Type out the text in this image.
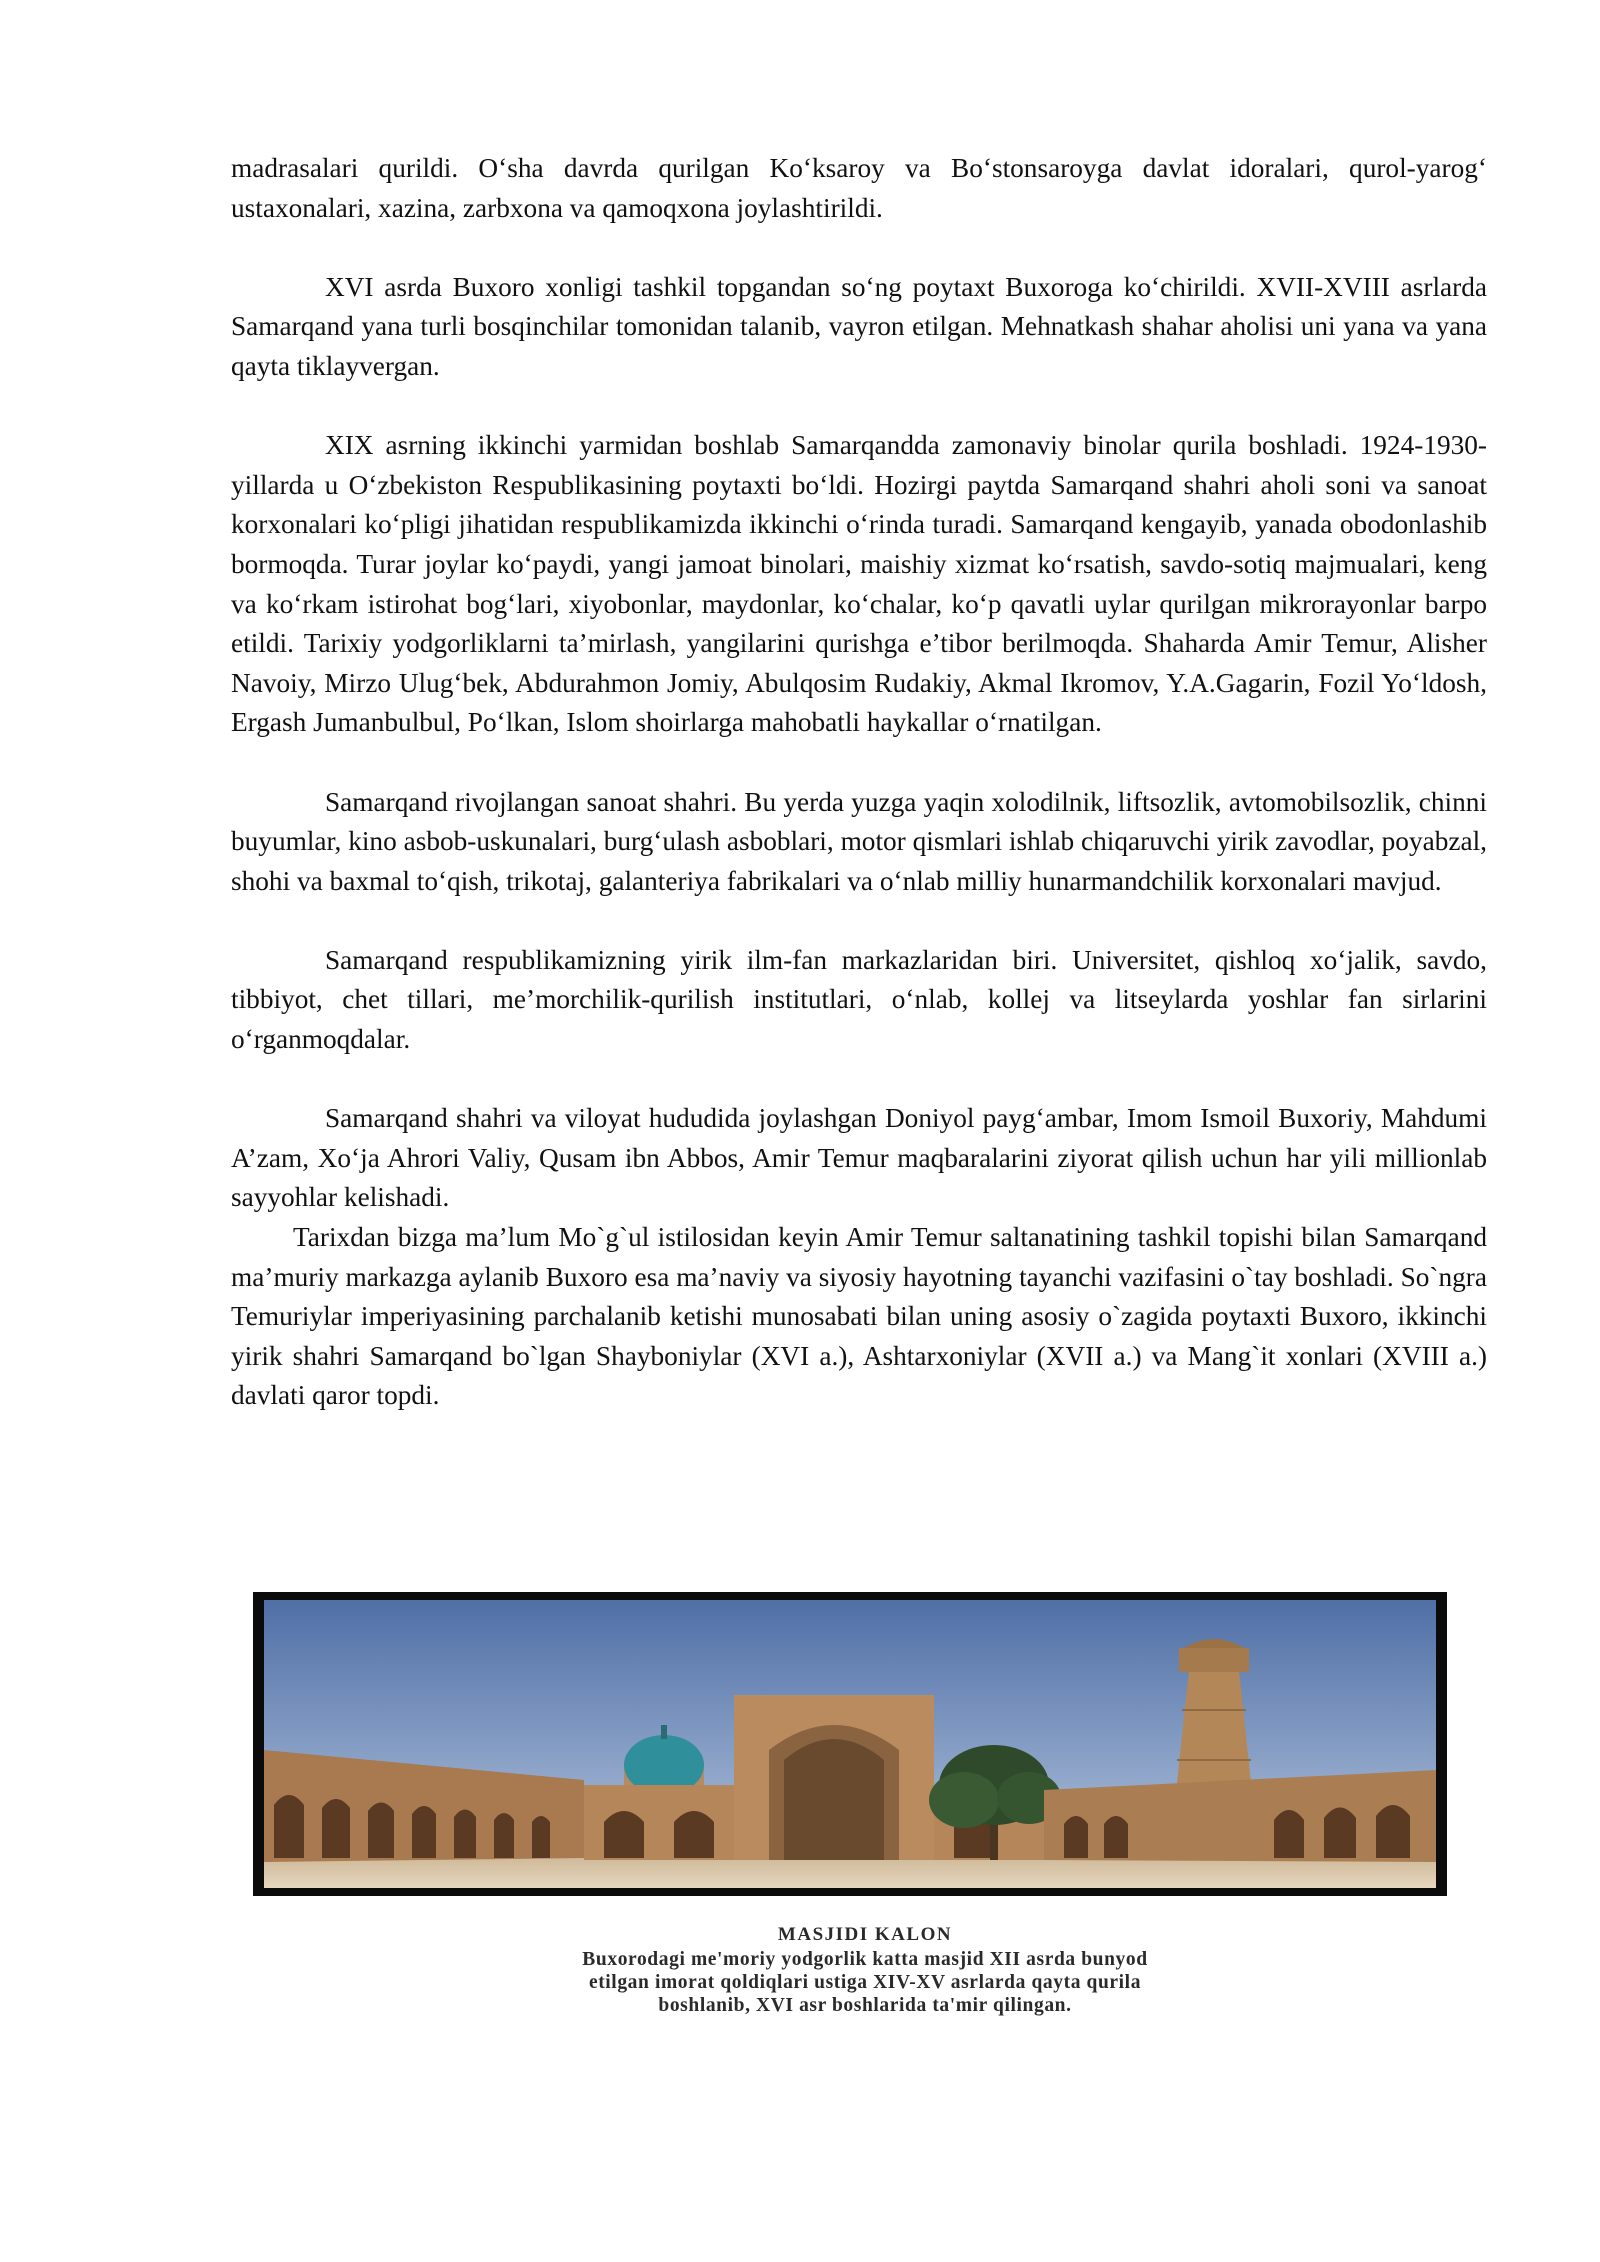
madrasalari qurildi. O‘sha davrda qurilgan Ko‘ksaroy va Bo‘stonsaroyga davlat idoralari, qurol-yarog‘ ustaxonalari, xazina, zarbxona va qamoqxona joylashtirildi.

XVI asrda Buxoro xonligi tashkil topgandan so‘ng poytaxt Buxoroga ko‘chirildi. XVII-XVIII asrlarda Samarqand yana turli bosqinchilar tomonidan talanib, vayron etilgan. Mehnatkash shahar aholisi uni yana va yana qayta tiklayvergan.

XIX asrning ikkinchi yarmidan boshlab Samarqandda zamonaviy binolar qurila boshladi. 1924-1930-yillarda u O‘zbekiston Respublikasining poytaxti bo‘ldi. Hozirgi paytda Samarqand shahri aholi soni va sanoat korxonalari ko‘pligi jihatidan respublikamizda ikkinchi o‘rinda turadi. Samarqand kengayib, yanada obodonlashib bormoqda. Turar joylar ko‘paydi, yangi jamoat binolari, maishiy xizmat ko‘rsatish, savdo-sotiq majmualari, keng va ko‘rkam istirohat bog‘lari, xiyobonlar, maydonlar, ko‘chalar, ko‘p qavatli uylar qurilgan mikrorayonlar barpo etildi. Tarixiy yodgorliklarni ta’mirlash, yangilarini qurishga e’tibor berilmoqda. Shaharda Amir Temur, Alisher Navoiy, Mirzo Ulug‘bek, Abdurahmon Jomiy, Abulqosim Rudakiy, Akmal Ikromov, Y.A.Gagarin, Fozil Yo‘ldosh, Ergash Jumanbulbul, Po‘lkan, Islom shoirlarga mahobatli haykallar o‘rnatilgan.

Samarqand rivojlangan sanoat shahri. Bu yerda yuzga yaqin xolodilnik, liftsozlik, avtomobilsozlik, chinni buyumlar, kino asbob-uskunalari, burg‘ulash asboblari, motor qismlari ishlab chiqaruvchi yirik zavodlar, poyabzal, shohi va baxmal to‘qish, trikotaj, galanteriya fabrikalari va o‘nlab milliy hunarmandchilik korxonalari mavjud.

Samarqand respublikamizning yirik ilm-fan markazlaridan biri. Universitet, qishloq xo‘jalik, savdo, tibbiyot, chet tillari, me’morchilik-qurilish institutlari, o‘nlab, kollej va litseylarda yoshlar fan sirlarini o‘rganmoqdalar.

Samarqand shahri va viloyat hududida joylashgan Doniyol payg‘ambar, Imom Ismoil Buxoriy, Mahdumi A’zam, Xo‘ja Ahrori Valiy, Qusam ibn Abbos, Amir Temur maqbaralarini ziyorat qilish uchun har yili millionlab sayyohlar kelishadi.

Tarixdan bizga ma’lum Mo`g`ul istilosidan keyin Amir Temur saltanatining tashkil topishi bilan Samarqand ma’muriy markazga aylanib Buxoro esa ma’naviy va siyosiy hayotning tayanchi vazifasini o`tay boshladi. So`ngra Temuriylar imperiyasining parchalanib ketishi munosabati bilan uning asosiy o`zagida poytaxti Buxoro, ikkinchi yirik shahri Samarqand bo`lgan Shayboniylar (XVI a.), Ashtarxoniylar (XVII a.) va Mang`it xonlari (XVIII a.) davlati qaror topdi.

MASJIDI KALON
Buxorodagi me'moriy yodgorlik katta masjid XII asrda bunyod
etilgan imorat qoldiqlari ustiga XIV-XV asrlarda qayta qurila
boshlanib, XVI asr boshlarida ta'mir qilingan.
